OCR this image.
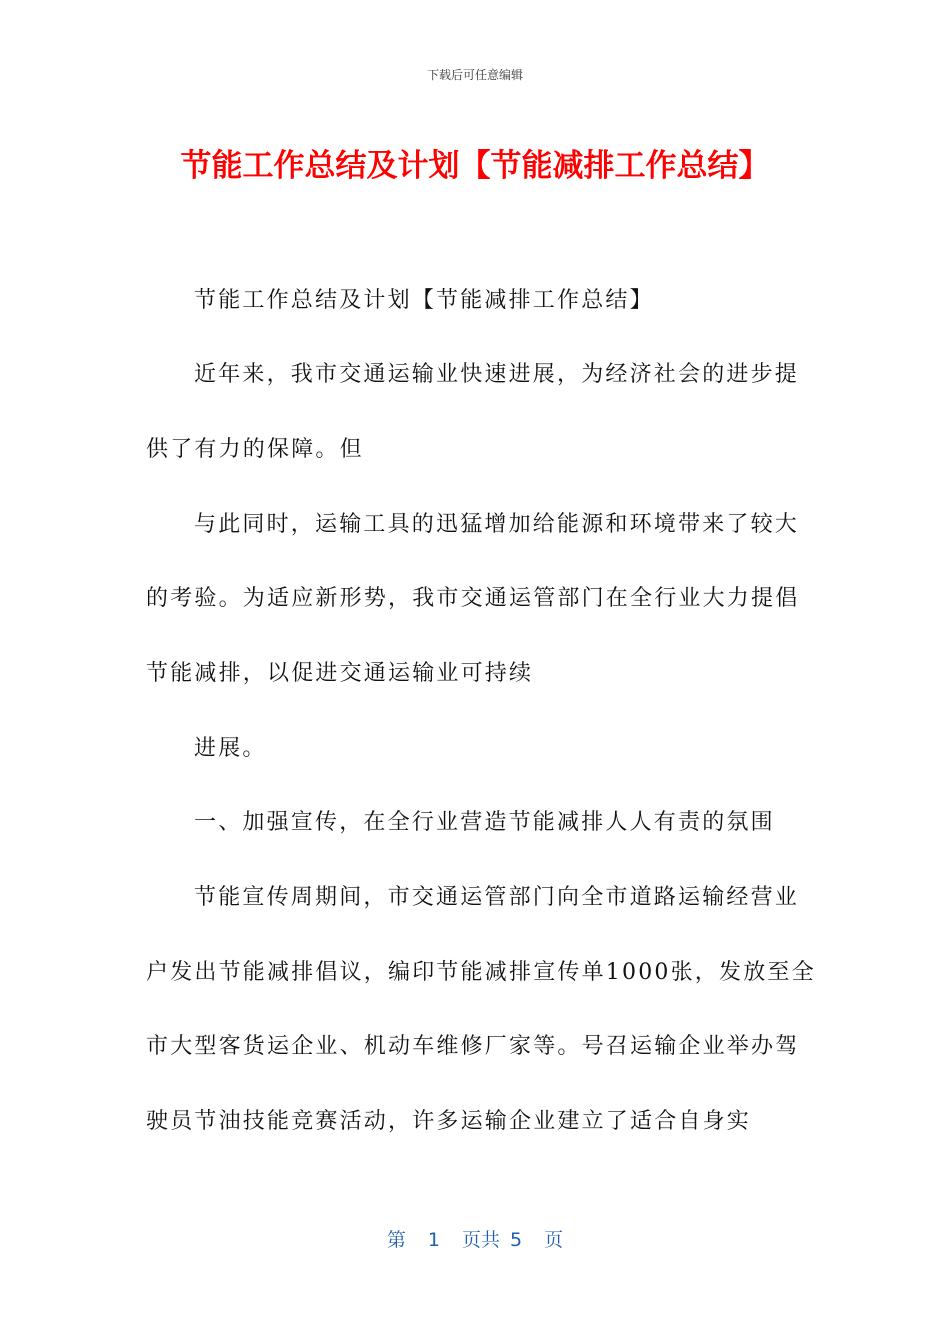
下载后可任意编辑
节能工作总结及计划【节能减排工作总结】
节能工作总结及计划【节能减排工作总结】
近年来，我市交通运输业快速进展，为经济社会的进步提
供了有力的保障。但
与此同时，运输工具的迅猛增加给能源和环境带来了较大
的考验。为适应新形势，我市交通运管部门在全行业大力提倡
节能减排，以促进交通运输业可持续
进展。
一、加强宣传，在全行业营造节能减排人人有责的氛围
节能宣传周期间，市交通运管部门向全市道路运输经营业
户发出节能减排倡议，编印节能减排宣传单1000张，发放至全
市大型客货运企业、机动车维修厂家等。号召运输企业举办驾
驶员节油技能竞赛活动，许多运输企业建立了适合自身实
第 1 页共 5 页
